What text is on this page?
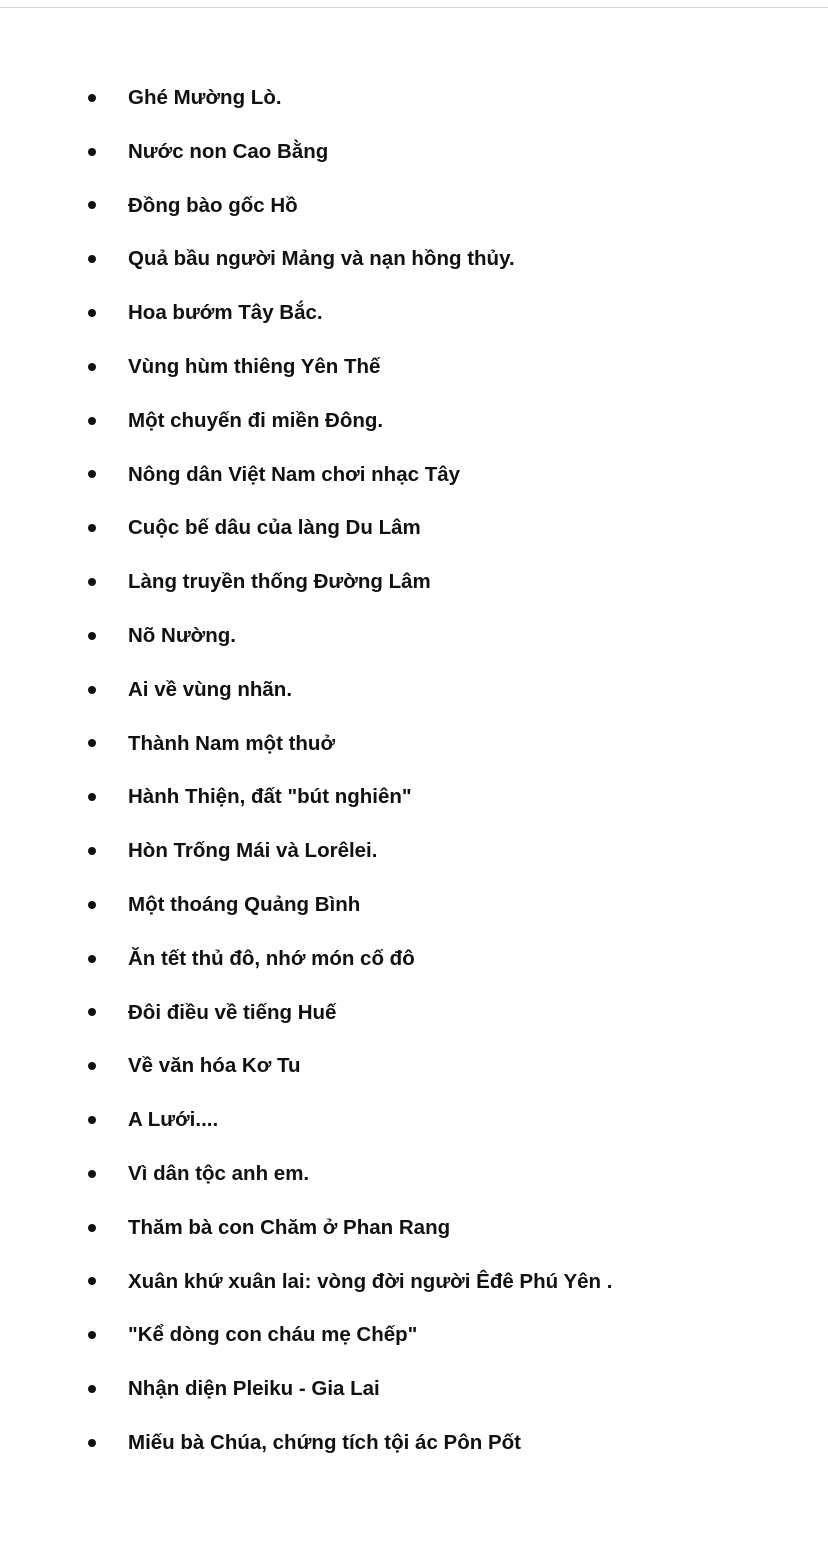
Ghé Mường Lò.
Nước non Cao Bằng
Đồng bào gốc Hồ
Quả bầu người Mảng và nạn hồng thủy.
Hoa bướm Tây Bắc.
Vùng hùm thiêng Yên Thế
Một chuyến đi miền Đông.
Nông dân Việt Nam chơi nhạc Tây
Cuộc bế dâu của làng Du Lâm
Làng truyền thống Đường Lâm
Nõ Nường.
Ai về vùng nhãn.
Thành Nam một thuở
Hành Thiện, đất "bút nghiên"
Hòn Trống Mái và Lorêlei.
Một thoáng Quảng Bình
Ăn tết thủ đô, nhớ món cố đô
Đôi điều về tiếng Huế
Về văn hóa Kơ Tu
A Lưới....
Vì dân tộc anh em.
Thăm bà con Chăm ở Phan Rang
Xuân khứ xuân lai: vòng đời người Êđê Phú Yên .
"Kể dòng con cháu mẹ Chếp"
Nhận diện Pleiku - Gia Lai
Miếu bà Chúa, chứng tích tội ác Pôn Pốt
